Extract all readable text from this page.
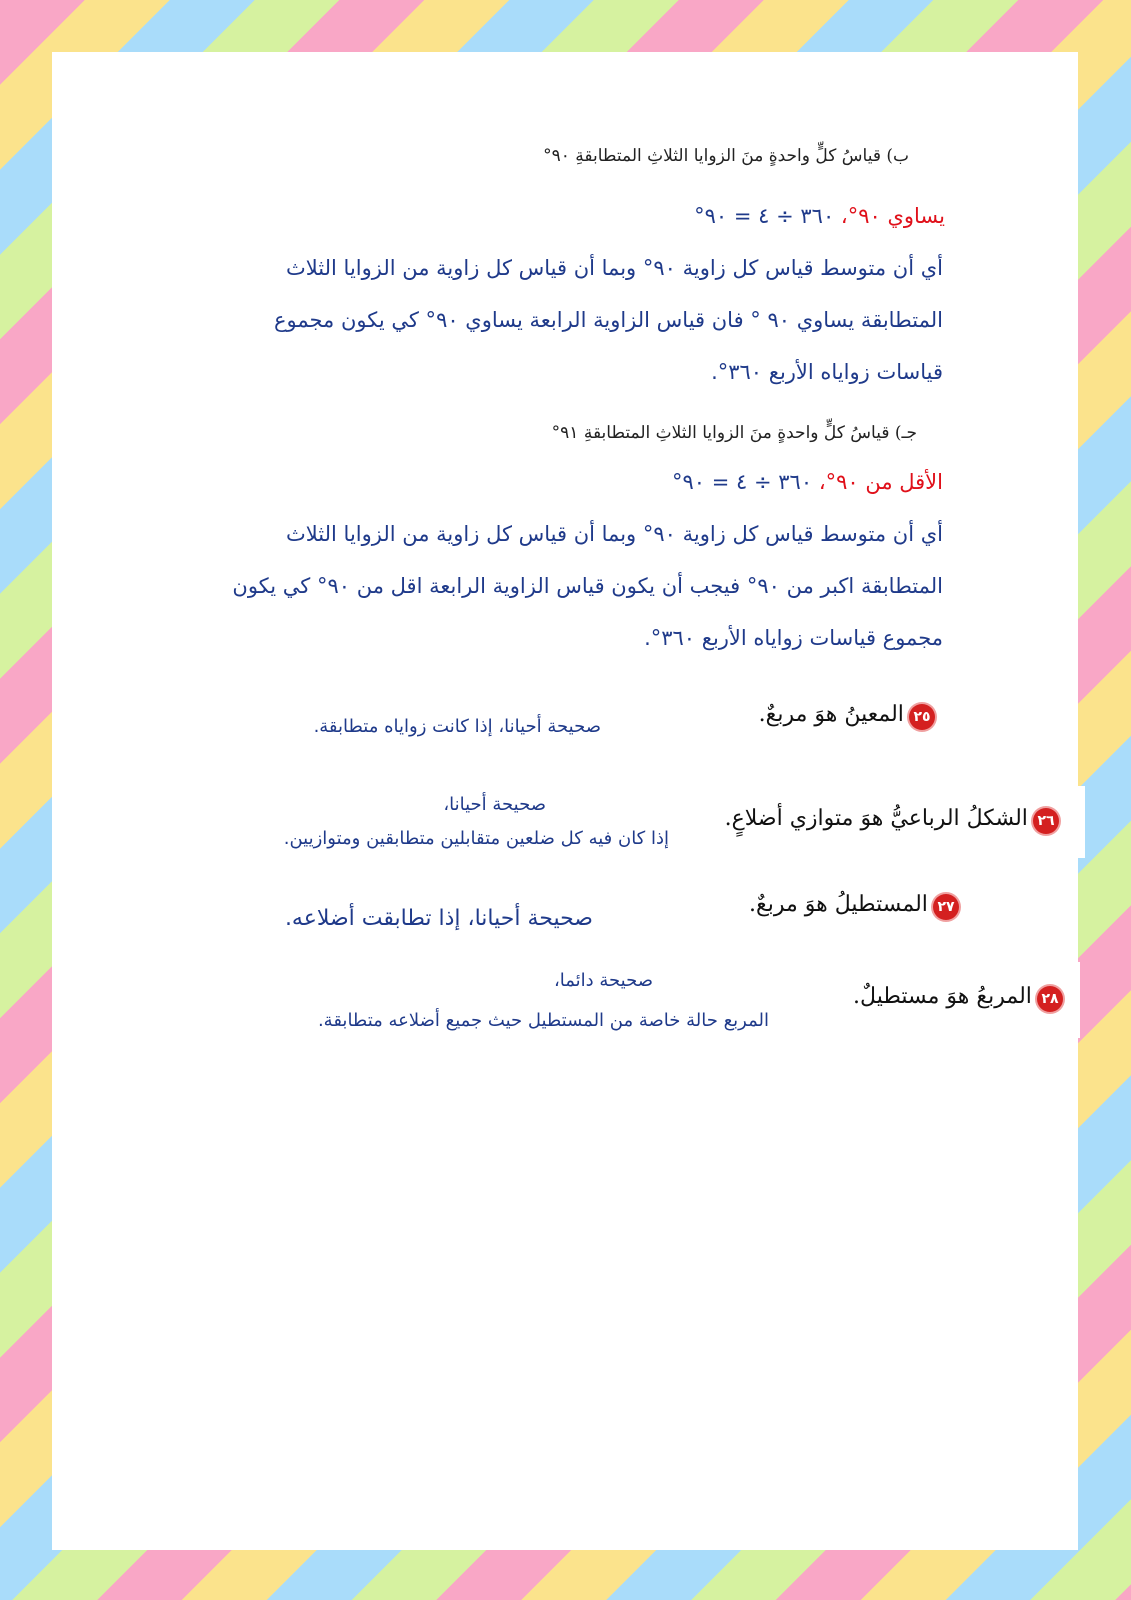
ب) قياسُ كلٍّ واحدةٍ منَ الزوايا الثلاثِ المتطابقةِ ٩٠°
يساوي ٩٠°، ٣٦٠ ÷ ٤ = ٩٠°
أي أن متوسط قياس كل زاوية ٩٠° وبما أن قياس كل زاوية من الزوايا الثلاث
المتطابقة يساوي ٩٠ ° فان قياس الزاوية الرابعة يساوي ٩٠° كي يكون مجموع
قياسات زواياه الأربع ٣٦٠°.
جـ) قياسُ كلٍّ واحدةٍ منَ الزوايا الثلاثِ المتطابقةِ ٩١°
الأقل من ٩٠°، ٣٦٠ ÷ ٤ = ٩٠°
أي أن متوسط قياس كل زاوية ٩٠° وبما أن قياس كل زاوية من الزوايا الثلاث
المتطابقة اكبر من ٩٠° فيجب أن يكون قياس الزاوية الرابعة اقل من ٩٠° كي يكون
مجموع قياسات زواياه الأربع ٣٦٠°.
٢٥ المعينُ هوَ مربعٌ.
صحيحة أحيانا، إذا كانت زواياه متطابقة.
٢٦ الشكلُ الرباعيُّ هوَ متوازي أضلاعٍ.
صحيحة أحيانا،
إذا كان فيه كل ضلعين متقابلين متطابقين ومتوازيين.
٢٧ المستطيلُ هوَ مربعٌ.
صحيحة أحيانا، إذا تطابقت أضلاعه.
٢٨ المربعُ هوَ مستطيلٌ.
صحيحة دائما،
المربع حالة خاصة من المستطيل حيث جميع أضلاعه متطابقة.
